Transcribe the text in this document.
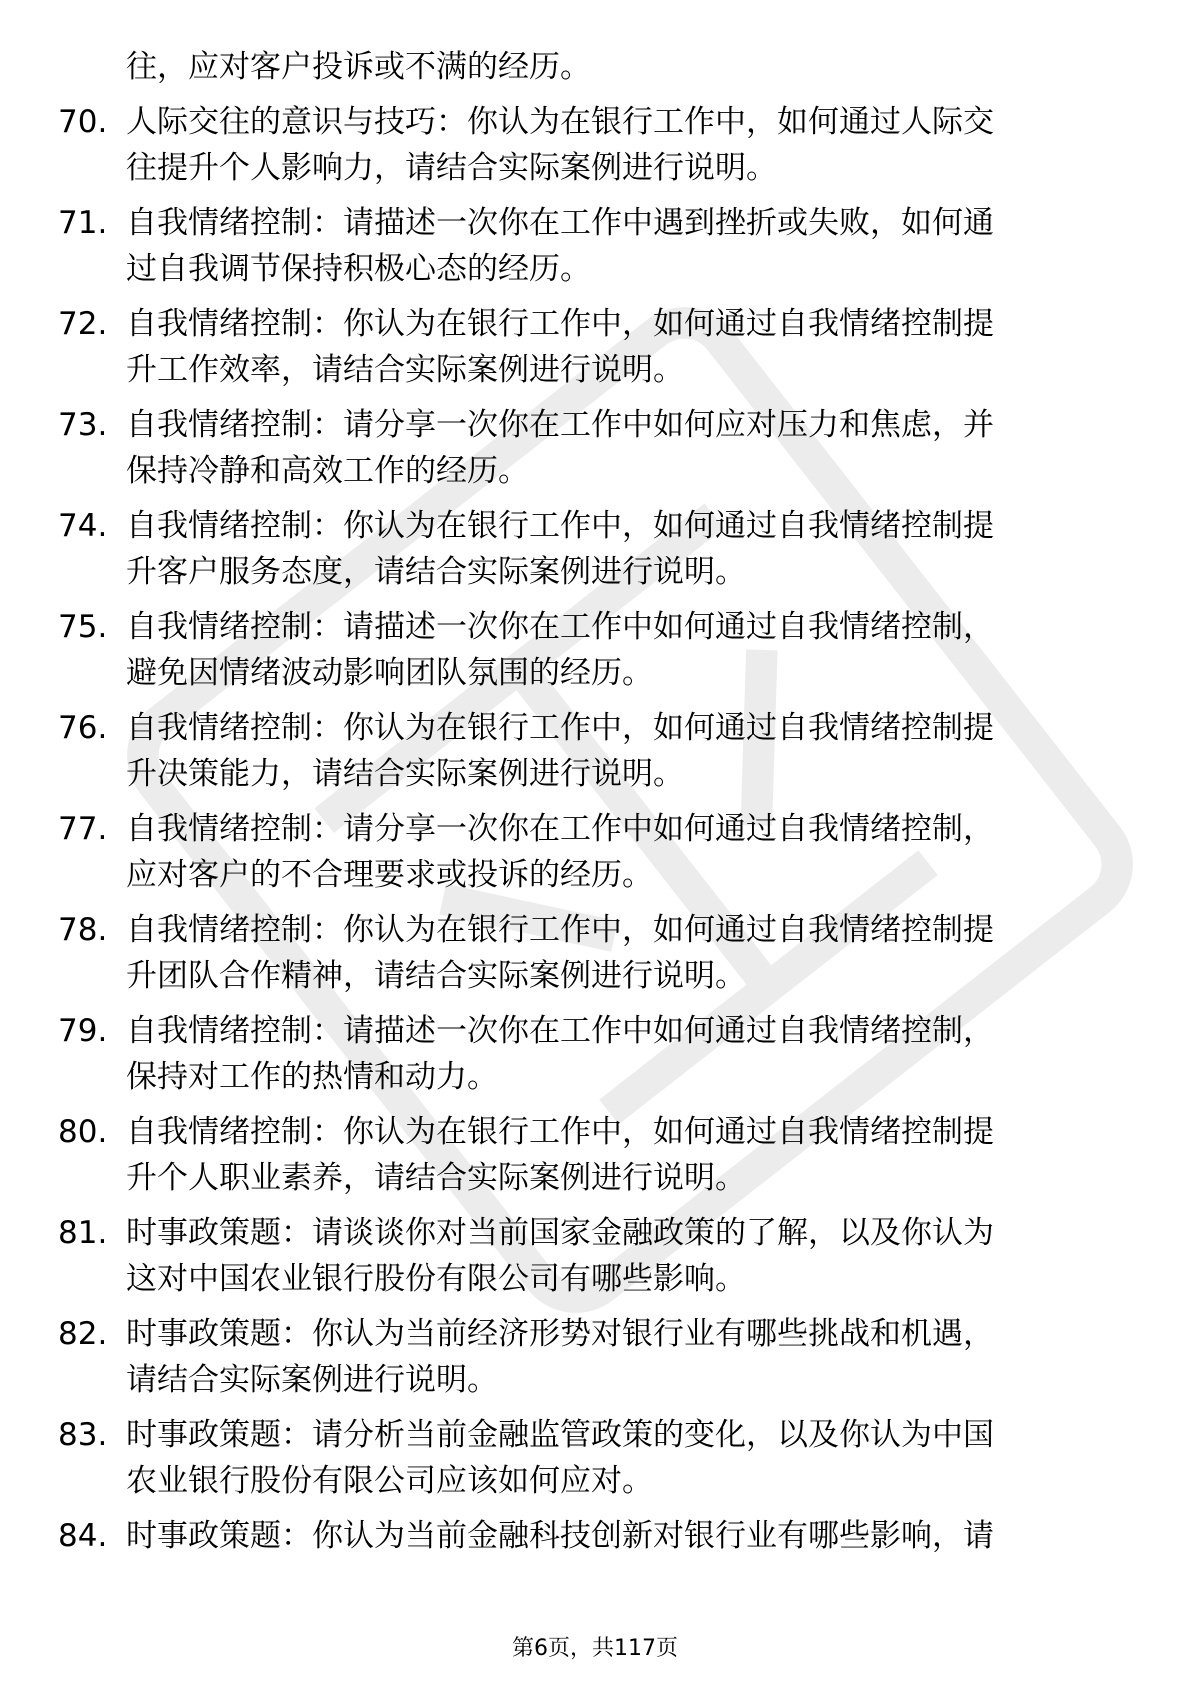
往，应对客户投诉或不满的经历。
70. 人际交往的意识与技巧：你认为在银行工作中，如何通过人际交
往提升个人影响力，请结合实际案例进行说明。
71. 自我情绪控制：请描述一次你在工作中遇到挫折或失败，如何通
过自我调节保持积极心态的经历。
72. 自我情绪控制：你认为在银行工作中，如何通过自我情绪控制提
升工作效率，请结合实际案例进行说明。
73. 自我情绪控制：请分享一次你在工作中如何应对压力和焦虑，并
保持冷静和高效工作的经历。
74. 自我情绪控制：你认为在银行工作中，如何通过自我情绪控制提
升客户服务态度，请结合实际案例进行说明。
75. 自我情绪控制：请描述一次你在工作中如何通过自我情绪控制，
避免因情绪波动影响团队氛围的经历。
76. 自我情绪控制：你认为在银行工作中，如何通过自我情绪控制提
升决策能力，请结合实际案例进行说明。
77. 自我情绪控制：请分享一次你在工作中如何通过自我情绪控制，
应对客户的不合理要求或投诉的经历。
78. 自我情绪控制：你认为在银行工作中，如何通过自我情绪控制提
升团队合作精神，请结合实际案例进行说明。
79. 自我情绪控制：请描述一次你在工作中如何通过自我情绪控制，
保持对工作的热情和动力。
80. 自我情绪控制：你认为在银行工作中，如何通过自我情绪控制提
升个人职业素养，请结合实际案例进行说明。
81. 时事政策题：请谈谈你对当前国家金融政策的了解，以及你认为
这对中国农业银行股份有限公司有哪些影响。
82. 时事政策题：你认为当前经济形势对银行业有哪些挑战和机遇，
请结合实际案例进行说明。
83. 时事政策题：请分析当前金融监管政策的变化，以及你认为中国
农业银行股份有限公司应该如何应对。
84. 时事政策题：你认为当前金融科技创新对银行业有哪些影响，请
第6页，共117页
